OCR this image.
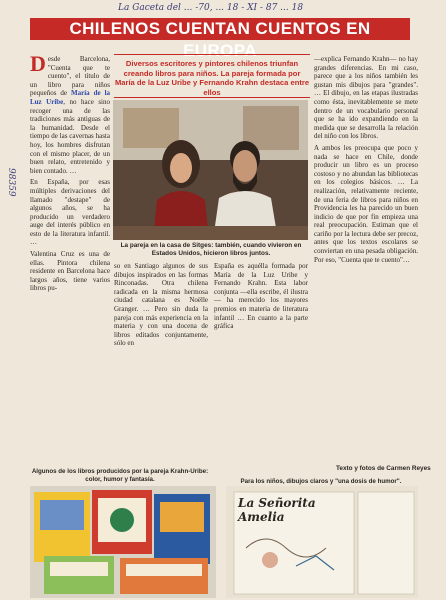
La Gaceta del ... -70, ... 18 - XI - 87 ... 18
98359
CHILENOS CUENTAN CUENTOS EN EUROPA

D esde Barcelona, "Cuenta que te cuento", el título de un libro para niños pequeños de María de la Luz Uribe, no hace sino recoger una de las tradiciones más antiguas de la humanidad. Desde el tiempo de las cavernas hasta hoy, los hombres disfrutan con el mismo placer, de un buen relato, entretenido y bien contado. …

En España, por esas múltiples derivaciones del llamado "destape" de algunos años, se ha producido un verdadero auge del interés público en esto de la literatura infantil. …

Valentina Cruz es una de ellas. Pintora chilena residente en Barcelona hace largos años, tiene varios libros pu-

Diversos escritores y pintores chilenos triunfan creando libros para niños. La pareja formada por María de la Luz Uribe y Fernando Krahn destaca entre ellos
La pareja en la casa de Sitges: también, cuando vivieron en Estados Unidos, hicieron libros juntos.

so en Santiago algunos de sus dibujos inspirados en las formas Rinconadas. Otra chilena radicada en la misma hermosa ciudad catalana es Noëlle Granger. … Pero sin duda la pareja con más experiencia en la materia y con una docena de libros editados conjuntamente, sólo en

España es aquélla formada por María de la Luz Uribe y Fernando Krahn. Esta labor conjunta —ella escribe, él ilustra— ha merecido los mayores premios en materia de literatura infantil … En cuanto a la parte gráfica

—explica Fernando Krahn— no hay grandes diferencias. En mi caso, parece que a los niños también les gustan mis dibujos para "grandes". … El dibujo, en las etapas ilustradas como ésta, inevitablemente se mete dentro de un vocabulario personal que se ha ido expandiendo en la medida que se desarrolla la relación del niño con los libros.

A ambos les preocupa que poco y nada se hace en Chile, donde producir un libro es un proceso costoso y no abundan las bibliotecas en los colegios básicos. … La realización, relativamente reciente, de una feria de libros para niños en Providencia les ha parecido un buen indicio de que por fin empieza una real preocupación. Estiman que el cariño por la lectura debe ser precoz, antes que los textos escolares se conviertan en una pesada obligación. Por eso, "Cuenta que te cuento"…

Texto y fotos de Carmen Reyes
Algunos de los libros producidos por la pareja Krahn-Uribe: color, humor y fantasía.	Para los niños, dibujos claros y "una dosis de humor".
La Señorita Amelia
